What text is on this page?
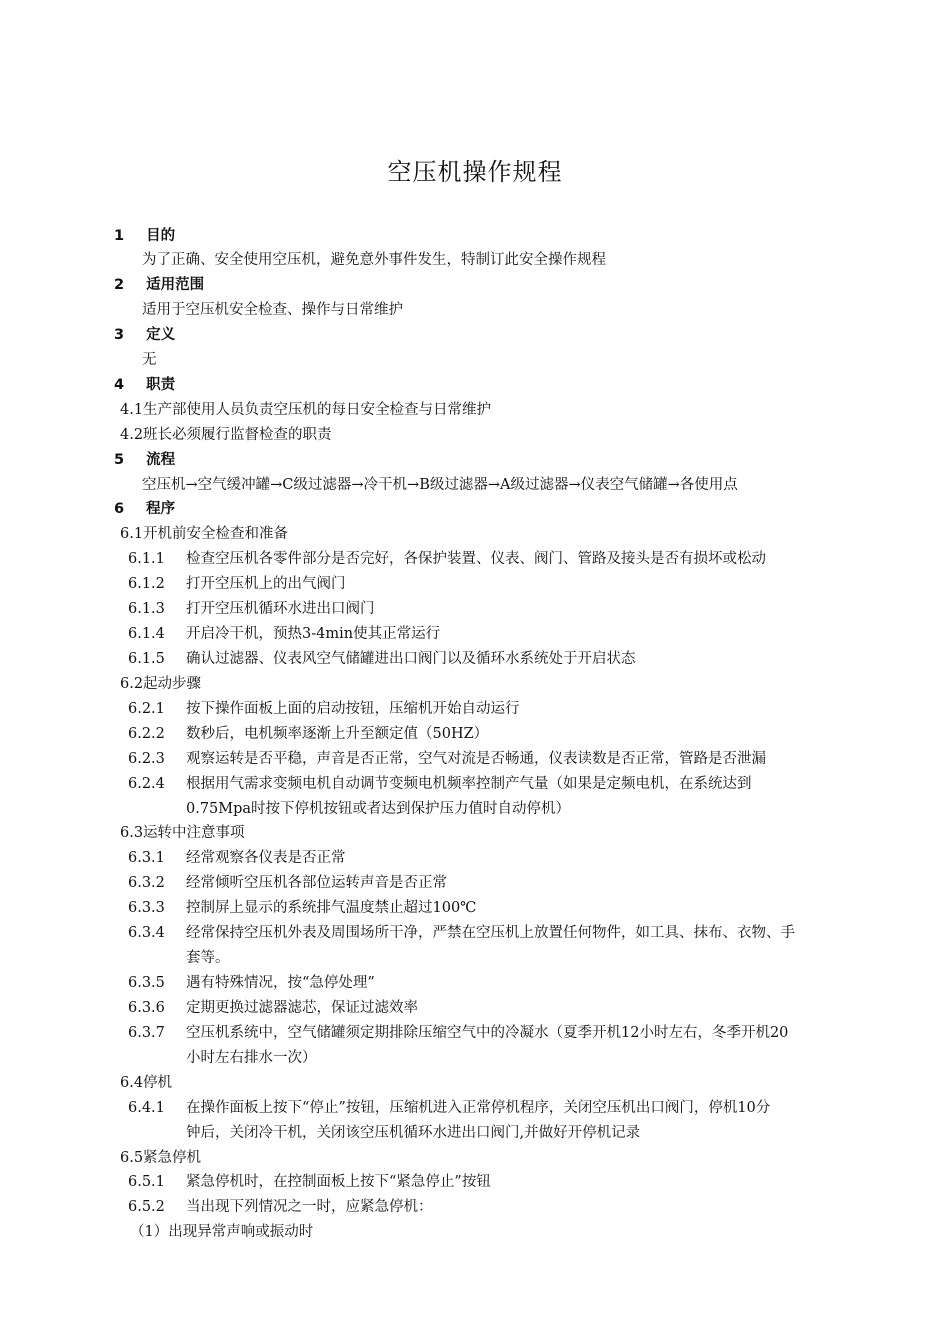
空压机操作规程
1 目的
为了正确、安全使用空压机，避免意外事件发生，特制订此安全操作规程
2 适用范围
适用于空压机安全检查、操作与日常维护
3 定义
无
4 职责
4.1生产部使用人员负责空压机的每日安全检查与日常维护
4.2班长必须履行监督检查的职责
5 流程
空压机→空气缓冲罐→C级过滤器→冷干机→B级过滤器→A级过滤器→仪表空气储罐→各使用点
6 程序
6.1开机前安全检查和准备
6.1.1 检查空压机各零件部分是否完好，各保护装置、仪表、阀门、管路及接头是否有损坏或松动
6.1.2 打开空压机上的出气阀门
6.1.3 打开空压机循环水进出口阀门
6.1.4 开启冷干机，预热3-4min使其正常运行
6.1.5 确认过滤器、仪表风空气储罐进出口阀门以及循环水系统处于开启状态
6.2起动步骤
6.2.1 按下操作面板上面的启动按钮，压缩机开始自动运行
6.2.2 数秒后，电机频率逐渐上升至额定值（50HZ）
6.2.3 观察运转是否平稳，声音是否正常，空气对流是否畅通，仪表读数是否正常，管路是否泄漏
6.2.4 根据用气需求变频电机自动调节变频电机频率控制产气量（如果是定频电机，在系统达到
0.75Mpa时按下停机按钮或者达到保护压力值时自动停机）
6.3运转中注意事项
6.3.1 经常观察各仪表是否正常
6.3.2 经常倾听空压机各部位运转声音是否正常
6.3.3 控制屏上显示的系统排气温度禁止超过100℃
6.3.4 经常保持空压机外表及周围场所干净，严禁在空压机上放置任何物件，如工具、抹布、衣物、手
套等。
6.3.5 遇有特殊情况，按“急停处理”
6.3.6 定期更换过滤器滤芯，保证过滤效率
6.3.7 空压机系统中，空气储罐须定期排除压缩空气中的冷凝水（夏季开机12小时左右，冬季开机20
小时左右排水一次）
6.4停机
6.4.1 在操作面板上按下“停止”按钮，压缩机进入正常停机程序，关闭空压机出口阀门，停机10分
钟后，关闭冷干机，关闭该空压机循环水进出口阀门,并做好开停机记录
6.5紧急停机
6.5.1 紧急停机时，在控制面板上按下“紧急停止”按钮
6.5.2 当出现下列情况之一时，应紧急停机：
（1）出现异常声响或振动时
